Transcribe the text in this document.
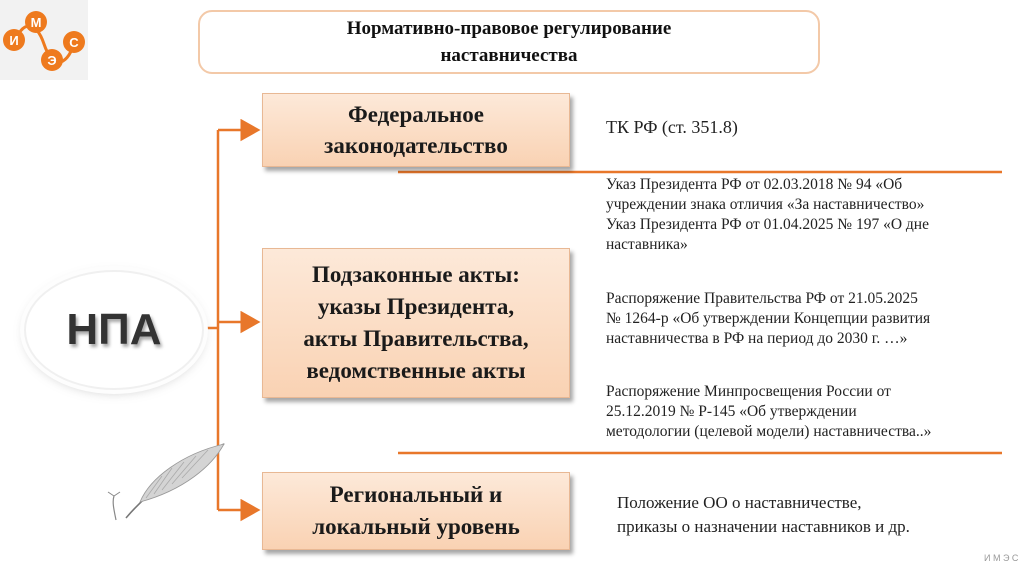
И
М
Э
С
Нормативно-правовое регулирование
наставничества
НПА
Федеральное
законодательство
Подзаконные акты:
указы Президента,
акты Правительства,
ведомственные акты
Региональный и
локальный уровень
ТК РФ (ст. 351.8)
Указ Президента РФ от 02.03.2018 № 94 «Об
учреждении знака отличия «За наставничество»
Указ Президента РФ от 01.04.2025 № 197 «О дне
наставника»
Распоряжение Правительства РФ от 21.05.2025
№ 1264-р «Об утверждении Концепции развития
наставничества в РФ на период до 2030 г. …»
Распоряжение Минпросвещения России от
25.12.2019 № Р-145 «Об утверждении
методологии (целевой модели) наставничества..»
Положение ОО о наставничестве,
приказы о назначении наставников и др.
И М Э С
